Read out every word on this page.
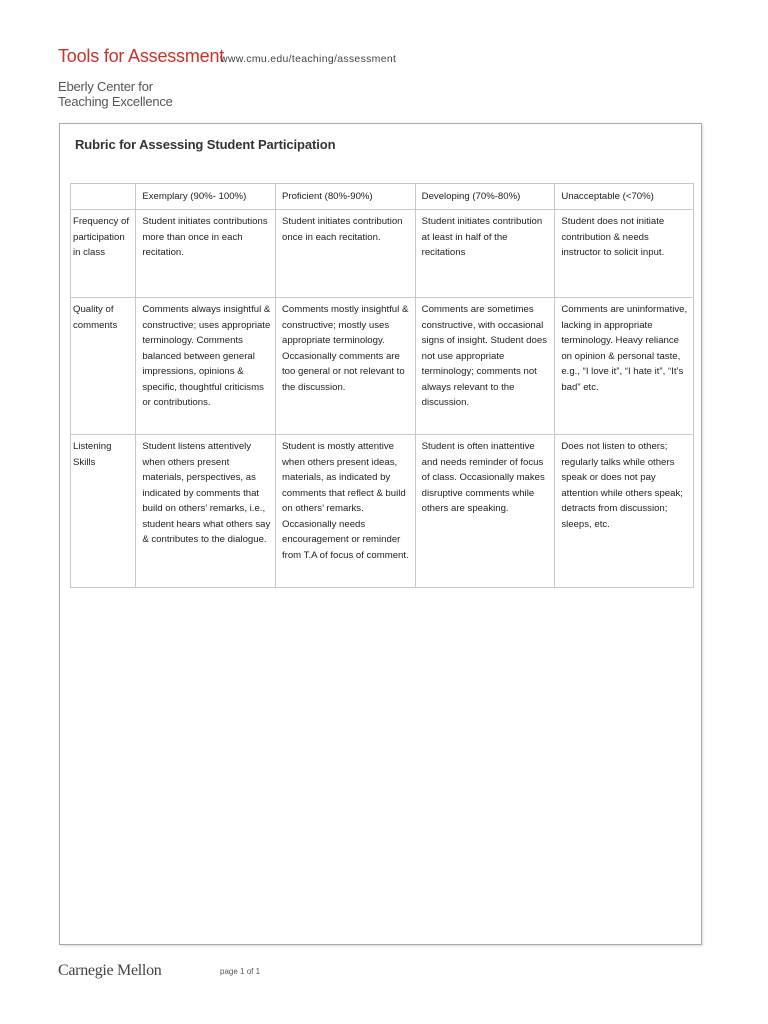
Tools for Assessment
www.cmu.edu/teaching/assessment
Eberly Center for
Teaching Excellence
Rubric for Assessing Student Participation
	Exemplary (90%- 100%)	Proficient (80%-90%)	Developing (70%-80%)	Unacceptable (<70%)
Frequency of participation in class	Student initiates contributions more than once in each recitation.	Student initiates contribution once in each recitation.	Student initiates contribution at least in half of the recitations	Student does not initiate contribution & needs instructor to solicit input.
Quality of comments	Comments always insightful & constructive; uses appropriate terminology. Comments balanced between general impressions, opinions & specific, thoughtful criticisms or contributions.	Comments mostly insightful & constructive; mostly uses appropriate terminology. Occasionally comments are too general or not relevant to the discussion.	Comments are sometimes constructive, with occasional signs of insight. Student does not use appropriate terminology; comments not always relevant to the discussion.	Comments are uninformative, lacking in appropriate terminology. Heavy reliance on opinion & personal taste, e.g., “I love it”, “I hate it”, “It’s bad” etc.
Listening Skills	Student listens attentively when others present materials, perspectives, as indicated by comments that build on others’ remarks, i.e., student hears what others say & contributes to the dialogue.	Student is mostly attentive when others present ideas, materials, as indicated by comments that reflect & build on others’ remarks. Occasionally needs encouragement or reminder from T.A of focus of comment.	Student is often inattentive and needs reminder of focus of class. Occasionally makes disruptive comments while others are speaking.	Does not listen to others; regularly talks while others speak or does not pay attention while others speak; detracts from discussion; sleeps, etc.
Carnegie Mellon	page 1 of 1
